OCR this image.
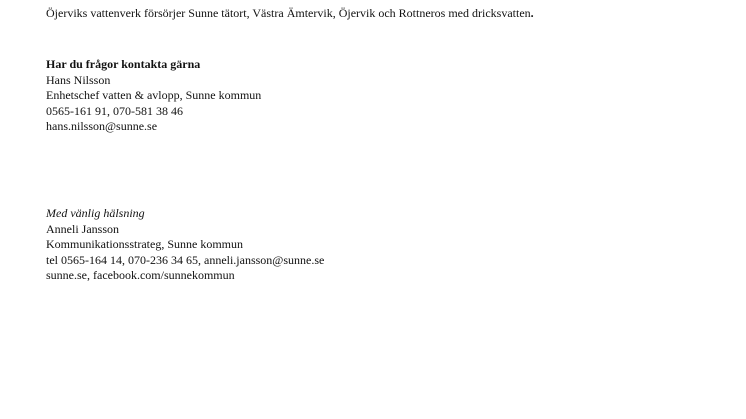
Öjerviks vattenverk försörjer Sunne tätort, Västra Ämtervik, Öjervik och Rottneros med dricksvatten.
Har du frågor kontakta gärna
Hans Nilsson
Enhetschef vatten & avlopp, Sunne kommun
0565-161 91, 070-581 38 46
hans.nilsson@sunne.se
Med vänlig hälsning
Anneli Jansson
Kommunikationsstrateg, Sunne kommun
tel 0565-164 14, 070-236 34 65, anneli.jansson@sunne.se
sunne.se, facebook.com/sunnekommun
